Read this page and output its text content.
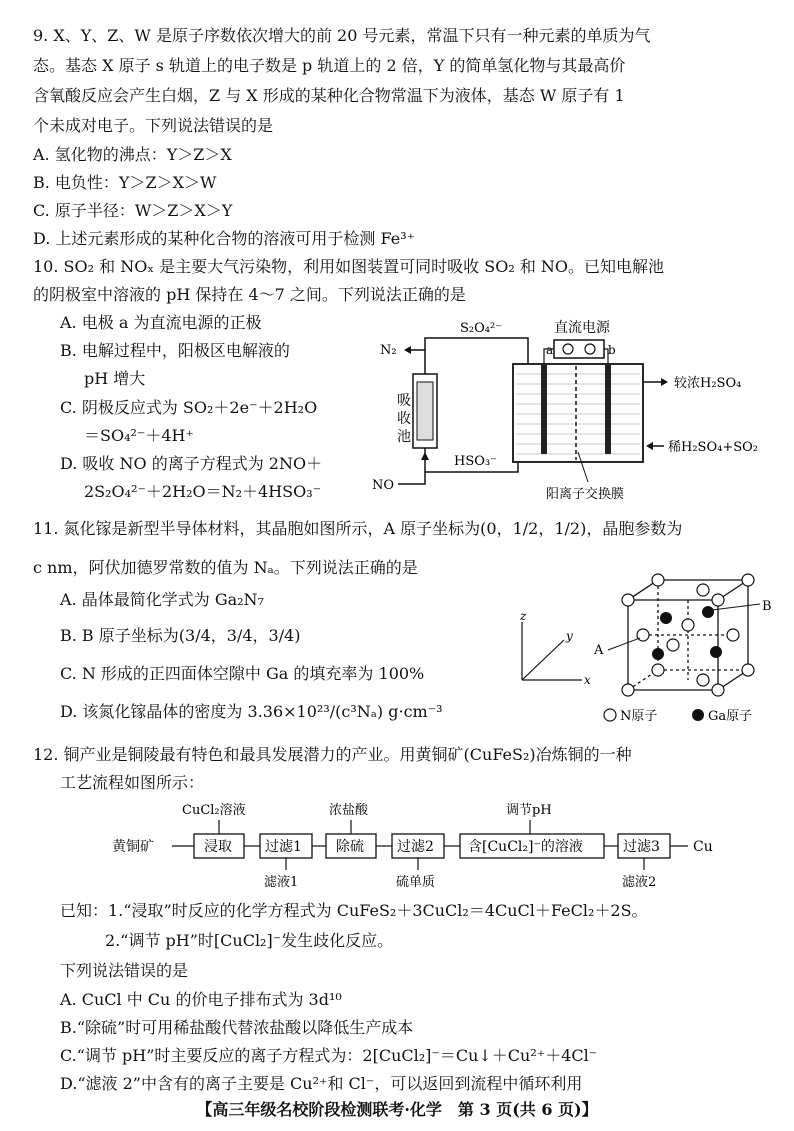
9. X、Y、Z、W 是原子序数依次增大的前 20 号元素，常温下只有一种元素的单质为气
态。基态 X 原子 s 轨道上的电子数是 p 轨道上的 2 倍，Y 的简单氢化物与其最高价
含氧酸反应会产生白烟，Z 与 X 形成的某种化合物常温下为液体，基态 W 原子有 1
个未成对电子。下列说法错误的是
A. 氢化物的沸点：Y＞Z＞X
B. 电负性：Y＞Z＞X＞W
C. 原子半径：W＞Z＞X＞Y
D. 上述元素形成的某种化合物的溶液可用于检测 Fe³⁺
10. SO₂ 和 NOₓ 是主要大气污染物，利用如图装置可同时吸收 SO₂ 和 NO。已知电解池
的阴极室中溶液的 pH 保持在 4～7 之间。下列说法正确的是
A. 电极 a 为直流电源的正极
B. 电解过程中，阳极区电解液的
pH 增大
C. 阴极反应式为 SO₂＋2e⁻＋2H₂O
＝SO₄²⁻＋4H⁺
D. 吸收 NO 的离子方程式为 2NO＋
2S₂O₄²⁻＋2H₂O＝N₂＋4HSO₃⁻
吸
收
池
N₂
S₂O₄²⁻
NO
HSO₃⁻
直流电源
a	b
阳离子交换膜
较浓H₂SO₄
稀H₂SO₄+SO₂
11. 氮化镓是新型半导体材料，其晶胞如图所示，A 原子坐标为(0，1/2，1/2)，晶胞参数为
c nm，阿伏加德罗常数的值为 Nₐ。下列说法正确的是
A. 晶体最简化学式为 Ga₂N₇
B. B 原子坐标为(3/4，3/4，3/4)
C. N 形成的正四面体空隙中 Ga 的填充率为 100%
D. 该氮化镓晶体的密度为 3.36×10²³/(c³Nₐ) g·cm⁻³
z
y
x
A
B
N原子	Ga原子
12. 铜产业是铜陵最有特色和最具发展潜力的产业。用黄铜矿(CuFeS₂)冶炼铜的一种
工艺流程如图所示：
黄铜矿
CuCl₂溶液
浸取 过滤1
滤液1
浓盐酸
除硫 过滤2
硫单质
含[CuCl₂]⁻的溶液
调节pH
过滤3
滤液2
Cu
已知：1.“浸取”时反应的化学方程式为 CuFeS₂＋3CuCl₂＝4CuCl＋FeCl₂＋2S。
2.“调节 pH”时[CuCl₂]⁻发生歧化反应。
下列说法错误的是
A. CuCl 中 Cu 的价电子排布式为 3d¹⁰
B.“除硫”时可用稀盐酸代替浓盐酸以降低生产成本
C.“调节 pH”时主要反应的离子方程式为：2[CuCl₂]⁻＝Cu↓＋Cu²⁺＋4Cl⁻
D.“滤液 2”中含有的离子主要是 Cu²⁺和 Cl⁻，可以返回到流程中循环利用
【高三年级名校阶段检测联考·化学　第 3 页(共 6 页)】
